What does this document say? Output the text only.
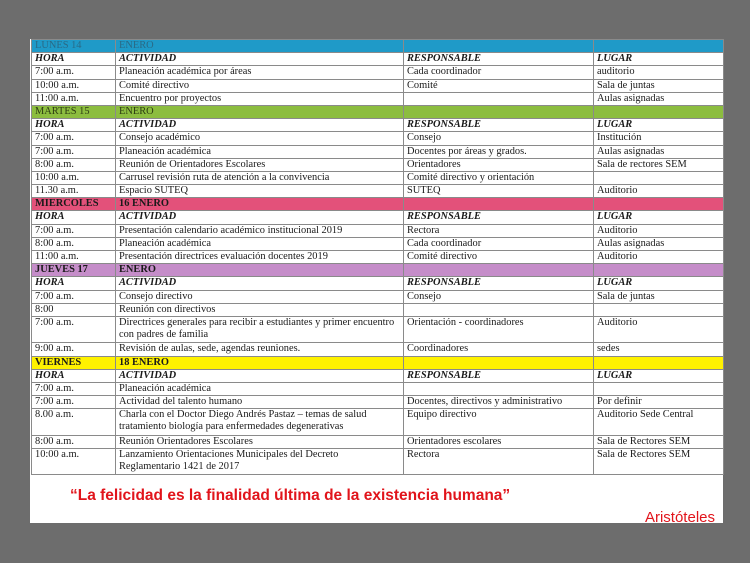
LUNES 14	ENERO		
HORA	ACTIVIDAD	RESPONSABLE	LUGAR
7:00 a.m.	Planeación académica por áreas	Cada coordinador	auditorio
10:00 a.m.	Comité directivo	Comité	Sala de juntas
11:00 a.m.	Encuentro por proyectos		Aulas asignadas
MARTES 15	ENERO		
HORA	ACTIVIDAD	RESPONSABLE	LUGAR
7:00 a.m.	Consejo académico	Consejo	Institución
7:00 a.m.	Planeación académica	Docentes por áreas y grados.	Aulas asignadas
8:00 a.m.	Reunión de Orientadores Escolares	Orientadores	Sala de rectores SEM
10:00 a.m.	Carrusel revisión ruta de atención a la convivencia	Comité directivo y orientación	
11.30 a.m.	Espacio SUTEQ	SUTEQ	Auditorio
MIERCOLES	16 ENERO		
HORA	ACTIVIDAD	RESPONSABLE	LUGAR
7:00 a.m.	Presentación calendario académico institucional 2019	Rectora	Auditorio
8:00 a.m.	Planeación académica	Cada coordinador	Aulas asignadas
11:00 a.m.	Presentación directrices evaluación docentes 2019	Comité directivo	Auditorio
JUEVES 17	ENERO		
HORA	ACTIVIDAD	RESPONSABLE	LUGAR
7:00 a.m.	Consejo directivo	Consejo	Sala de juntas
8:00	Reunión con directivos		
7:00 a.m.	Directrices generales para recibir a estudiantes y primer encuentro con padres de familia	Orientación - coordinadores	Auditorio
9:00 a.m.	Revisión de aulas, sede, agendas reuniones.	Coordinadores	sedes
VIERNES	18 ENERO		
HORA	ACTIVIDAD	RESPONSABLE	LUGAR
7:00 a.m.	Planeación académica		
7:00 a.m.	Actividad del talento humano	Docentes, directivos y administrativo	Por definir
8.00 a.m.	Charla con el Doctor Diego Andrés Pastaz – temas de salud tratamiento biología para enfermedades degenerativas	Equipo directivo	Auditorio Sede Central
8:00 a.m.	Reunión Orientadores Escolares	Orientadores escolares	Sala de Rectores SEM
10:00 a.m.	Lanzamiento Orientaciones Municipales del Decreto Reglamentario 1421 de 2017	Rectora	Sala de Rectores SEM
“La felicidad es la finalidad última de la existencia humana”
Aristóteles
